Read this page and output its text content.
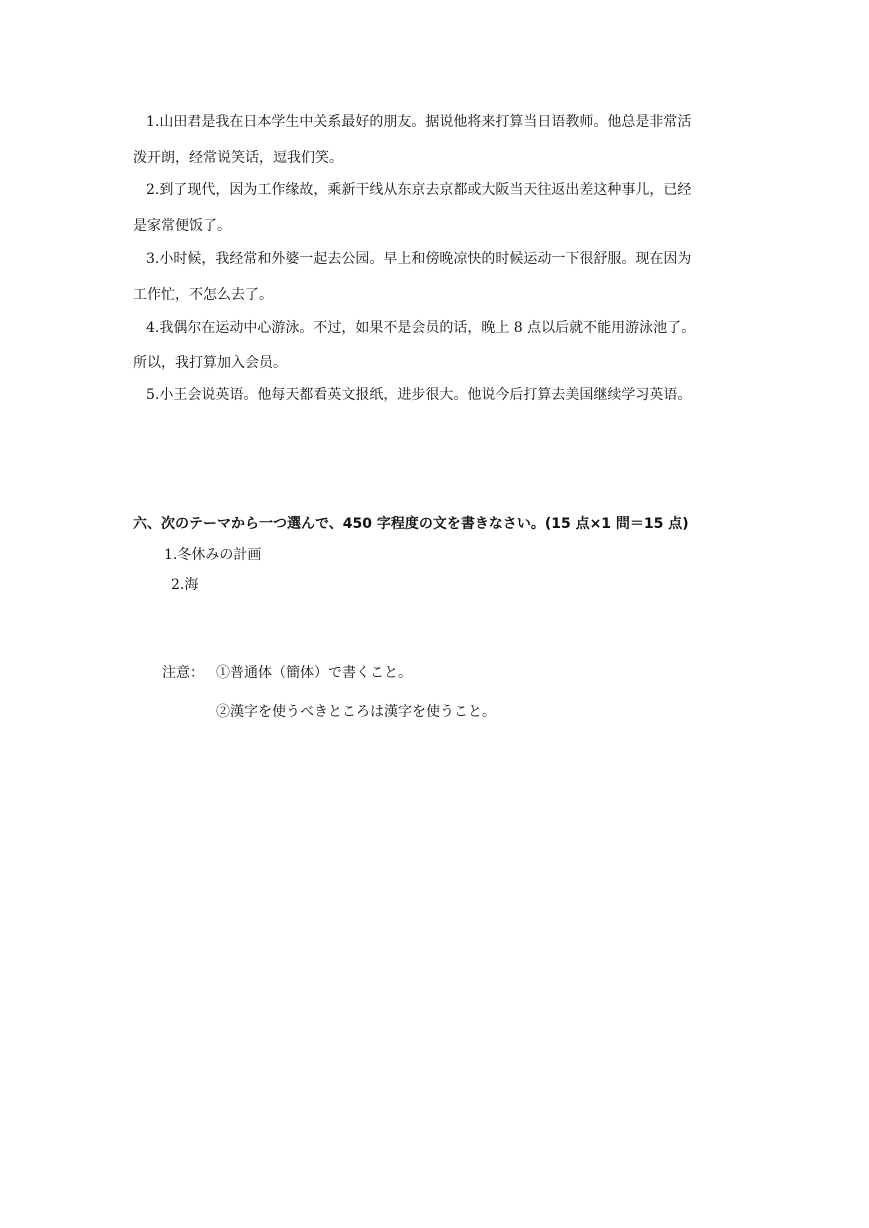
1.山田君是我在日本学生中关系最好的朋友。据说他将来打算当日语教师。他总是非常活
泼开朗，经常说笑话，逗我们笑。
2.到了现代，因为工作缘故，乘新干线从东京去京都或大阪当天往返出差这种事儿，已经
是家常便饭了。
3.小时候，我经常和外婆一起去公园。早上和傍晚凉快的时候运动一下很舒服。现在因为
工作忙，不怎么去了。
4.我偶尔在运动中心游泳。不过，如果不是会员的话，晚上 8 点以后就不能用游泳池了。
所以，我打算加入会员。
5.小王会说英语。他每天都看英文报纸，进步很大。他说今后打算去美国继续学习英语。
六、次のテーマから一つ選んで、450 字程度の文を書きなさい。(15 点×1 問＝15 点)
1.冬休みの計画
2.海
注意： ①普通体（簡体）で書くこと。
②漢字を使うべきところは漢字を使うこと。
